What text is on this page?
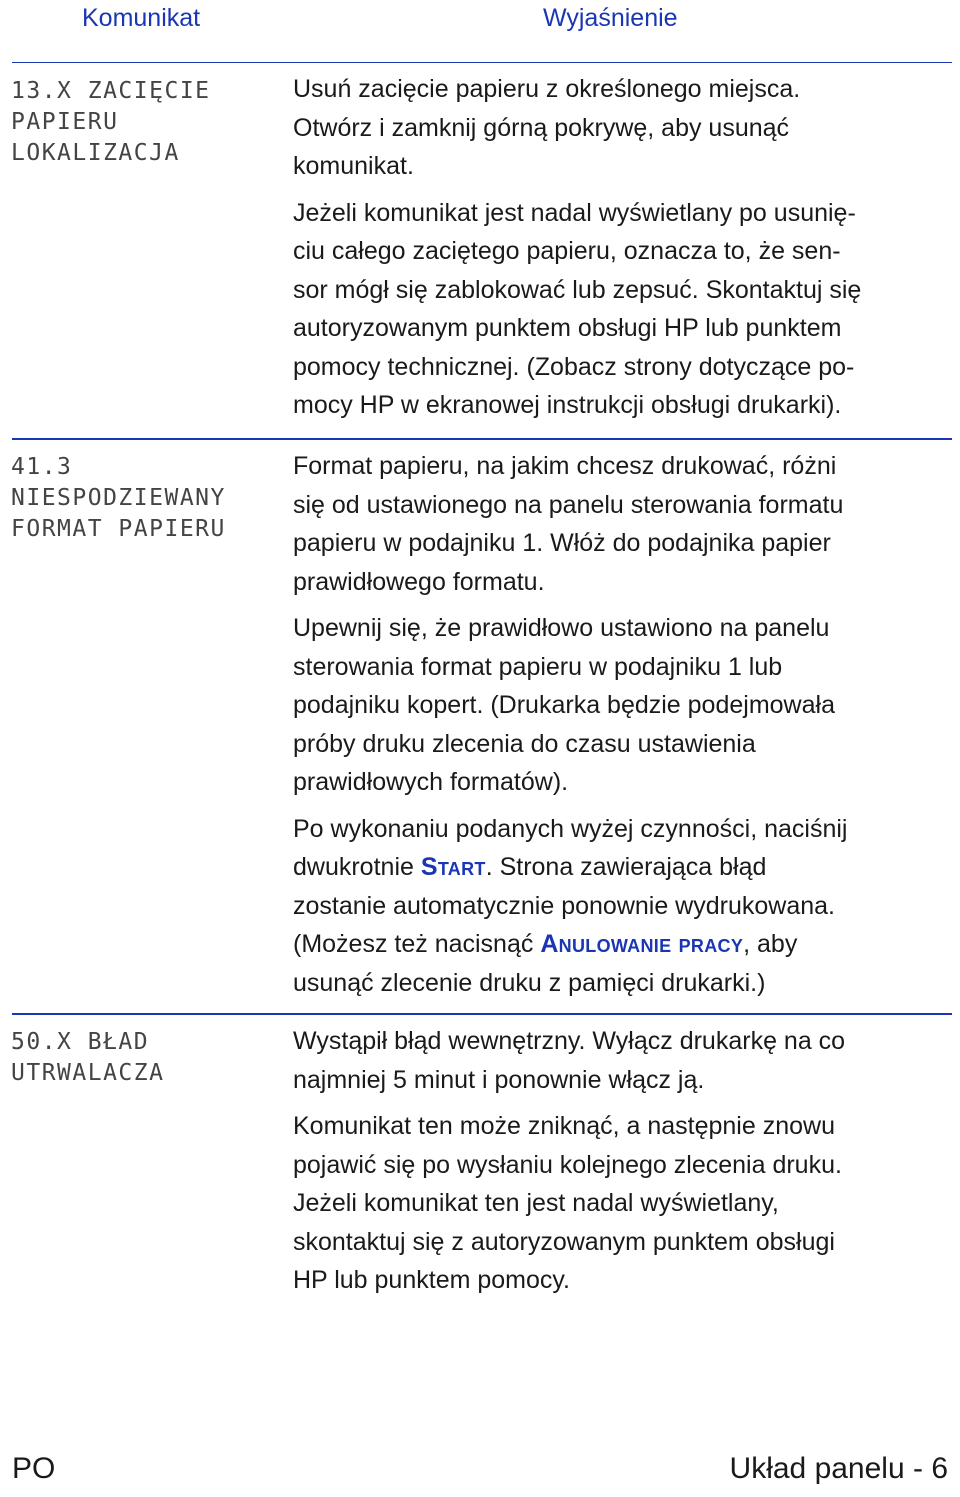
Komunikat	Wyjaśnienie
13.X ZACIĘCIE
PAPIERU
LOKALIZACJA
Usuń zacięcie papieru z określonego miejsca.
Otwórz i zamknij górną pokrywę, aby usunąć
komunikat.
Jeżeli komunikat jest nadal wyświetlany po usunię-
ciu całego zaciętego papieru, oznacza to, że sen-
sor mógł się zablokować lub zepsuć. Skontaktuj się
autoryzowanym punktem obsługi HP lub punktem
pomocy technicznej. (Zobacz strony dotyczące po-
mocy HP w ekranowej instrukcji obsługi drukarki).
41.3
NIESPODZIEWANY
FORMAT PAPIERU
Format papieru, na jakim chcesz drukować, różni
się od ustawionego na panelu sterowania formatu
papieru w podajniku 1. Włóż do podajnika papier
prawidłowego formatu.
Upewnij się, że prawidłowo ustawiono na panelu
sterowania format papieru w podajniku 1 lub
podajniku kopert. (Drukarka będzie podejmowała
próby druku zlecenia do czasu ustawienia
prawidłowych formatów).
Po wykonaniu podanych wyżej czynności, naciśnij
dwukrotnie Start. Strona zawierająca błąd
zostanie automatycznie ponownie wydrukowana.
(Możesz też nacisnąć Anulowanie pracy, aby
usunąć zlecenie druku z pamięci drukarki.)
50.X BŁAD
UTRWALACZA
Wystąpił błąd wewnętrzny. Wyłącz drukarkę na co
najmniej 5 minut i ponownie włącz ją.
Komunikat ten może zniknąć, a następnie znowu
pojawić się po wysłaniu kolejnego zlecenia druku.
Jeżeli komunikat ten jest nadal wyświetlany,
skontaktuj się z autoryzowanym punktem obsługi
HP lub punktem pomocy.
PO	Układ panelu - 6
